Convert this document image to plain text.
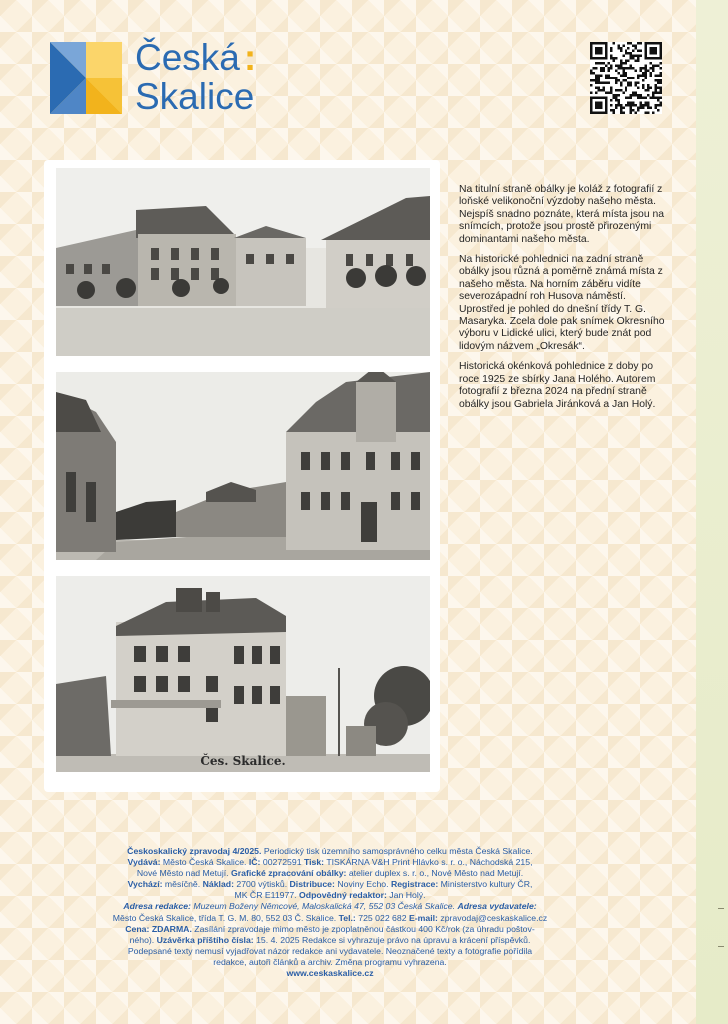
Česká :
Skalice
Čes. Skalice.

Na titulní straně obálky je koláž z fotografií z loňské velikonoční výzdoby našeho města. Nejspíš snadno poznáte, která místa jsou na snímcích, protože jsou prostě přirozenými dominantami našeho města.

Na historické pohlednici na zadní straně obálky jsou různá a poměrně známá místa z našeho města. Na horním záběru vidíte severozápadní roh Husova náměstí. Uprostřed je pohled do dnešní třídy T. G. Masaryka. Zcela dole pak snímek Okresního výboru v Lidické ulici, který bude znát pod lidovým názvem „Okresák“.

Historická okénková pohlednice z doby po roce 1925 ze sbírky Jana Holého. Autorem fotografií z března 2024 na přední straně obálky jsou Gabriela Jiránková a Jan Holý.

Českoskalický zpravodaj 4/2025. Periodický tisk územního samosprávného celku města Česká Skalice.
Vydává: Město Česká Skalice. IČ: 00272591 Tisk: TISKÁRNA V&H Print Hlávko s. r. o., Náchodská 215,
Nové Město nad Metují. Grafické zpracování obálky: atelier duplex s. r. o., Nové Město nad Metují.
Vychází: měsíčně. Náklad: 2700 výtisků. Distribuce: Noviny Echo. Registrace: Ministerstvo kultury ČR,
MK ČR E11977. Odpovědný redaktor: Jan Holý.
Adresa redakce: Muzeum Boženy Němcové, Maloskalická 47, 552 03 Česká Skalice. Adresa vydavatele:
Město Česká Skalice, třída T. G. M. 80, 552 03 Č. Skalice. Tel.: 725 022 682 E-mail: zpravodaj@ceskaskalice.cz
Cena: ZDARMA. Zasílání zpravodaje mimo město je zpoplatněnou částkou 400 Kč/rok (za úhradu poštov-
ného). Uzávěrka příštího čísla: 15. 4. 2025 Redakce si vyhrazuje právo na úpravu a krácení příspěvků.
Podepsané texty nemusí vyjadřovat názor redakce ani vydavatele. Neoznačené texty a fotografie pořídila
redakce, autoři článků a archiv. Změna programu vyhrazena.
www.ceskaskalice.cz
